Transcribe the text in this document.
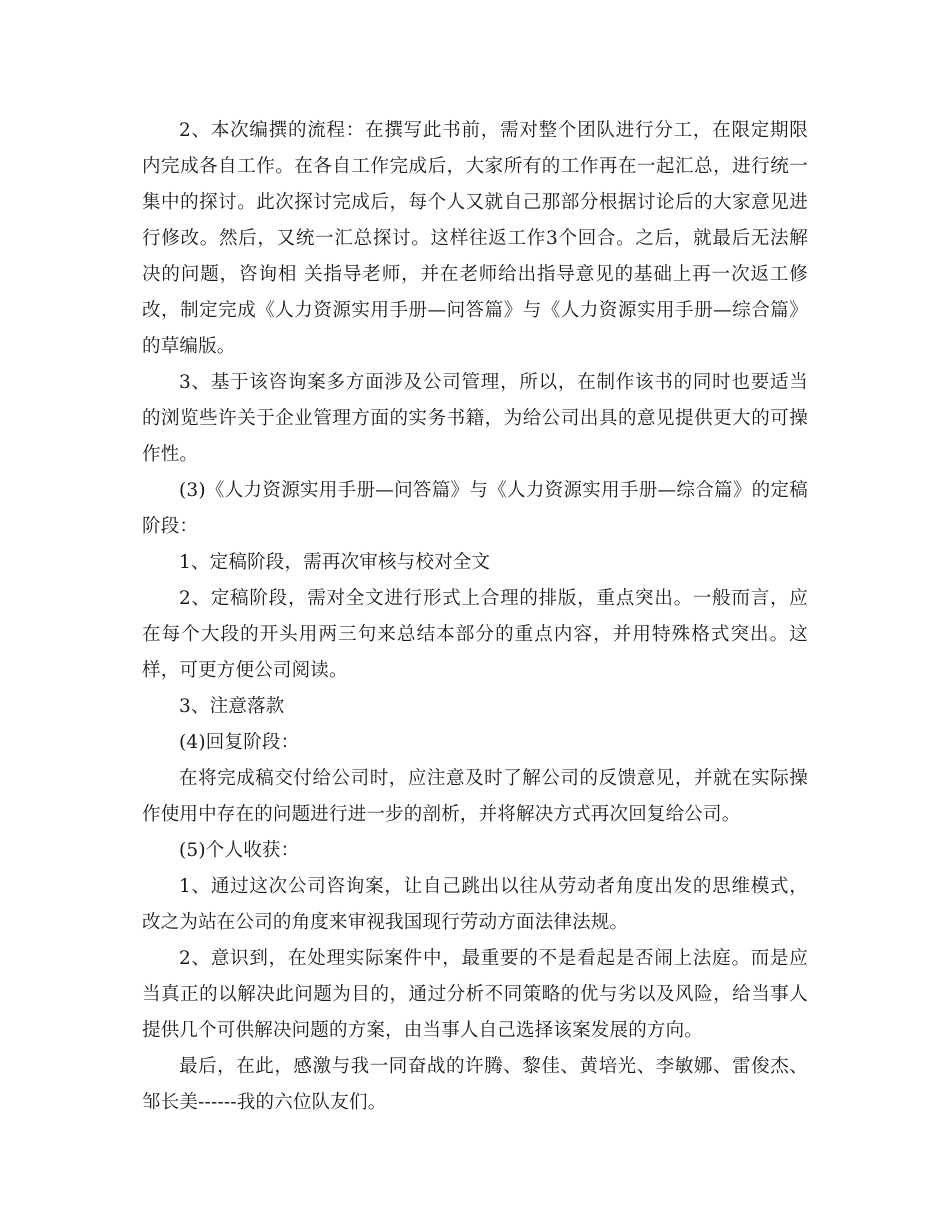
2、本次编撰的流程：在撰写此书前，需对整个团队进行分工，在限定期限内完成各自工作。在各自工作完成后，大家所有的工作再在一起汇总，进行统一集中的探讨。此次探讨完成后，每个人又就自己那部分根据讨论后的大家意见进行修改。然后，又统一汇总探讨。这样往返工作3个回合。之后，就最后无法解决的问题，咨询相 关指导老师，并在老师给出指导意见的基础上再一次返工修改，制定完成《人力资源实用手册—问答篇》与《人力资源实用手册—综合篇》的草编版。

3、基于该咨询案多方面涉及公司管理，所以，在制作该书的同时也要适当的浏览些许关于企业管理方面的实务书籍，为给公司出具的意见提供更大的可操作性。

(3)《人力资源实用手册—问答篇》与《人力资源实用手册—综合篇》的定稿阶段：

1、定稿阶段，需再次审核与校对全文

2、定稿阶段，需对全文进行形式上合理的排版，重点突出。一般而言，应在每个大段的开头用两三句来总结本部分的重点内容，并用特殊格式突出。这样，可更方便公司阅读。

3、注意落款

(4)回复阶段：

在将完成稿交付给公司时，应注意及时了解公司的反馈意见，并就在实际操作使用中存在的问题进行进一步的剖析，并将解决方式再次回复给公司。

(5)个人收获：

1、通过这次公司咨询案，让自己跳出以往从劳动者角度出发的思维模式，改之为站在公司的角度来审视我国现行劳动方面法律法规。

2、意识到，在处理实际案件中，最重要的不是看起是否闹上法庭。而是应当真正的以解决此问题为目的，通过分析不同策略的优与劣以及风险，给当事人提供几个可供解决问题的方案，由当事人自己选择该案发展的方向。

最后，在此，感激与我一同奋战的许腾、黎佳、黄培光、李敏娜、雷俊杰、邹长美------我的六位队友们。
